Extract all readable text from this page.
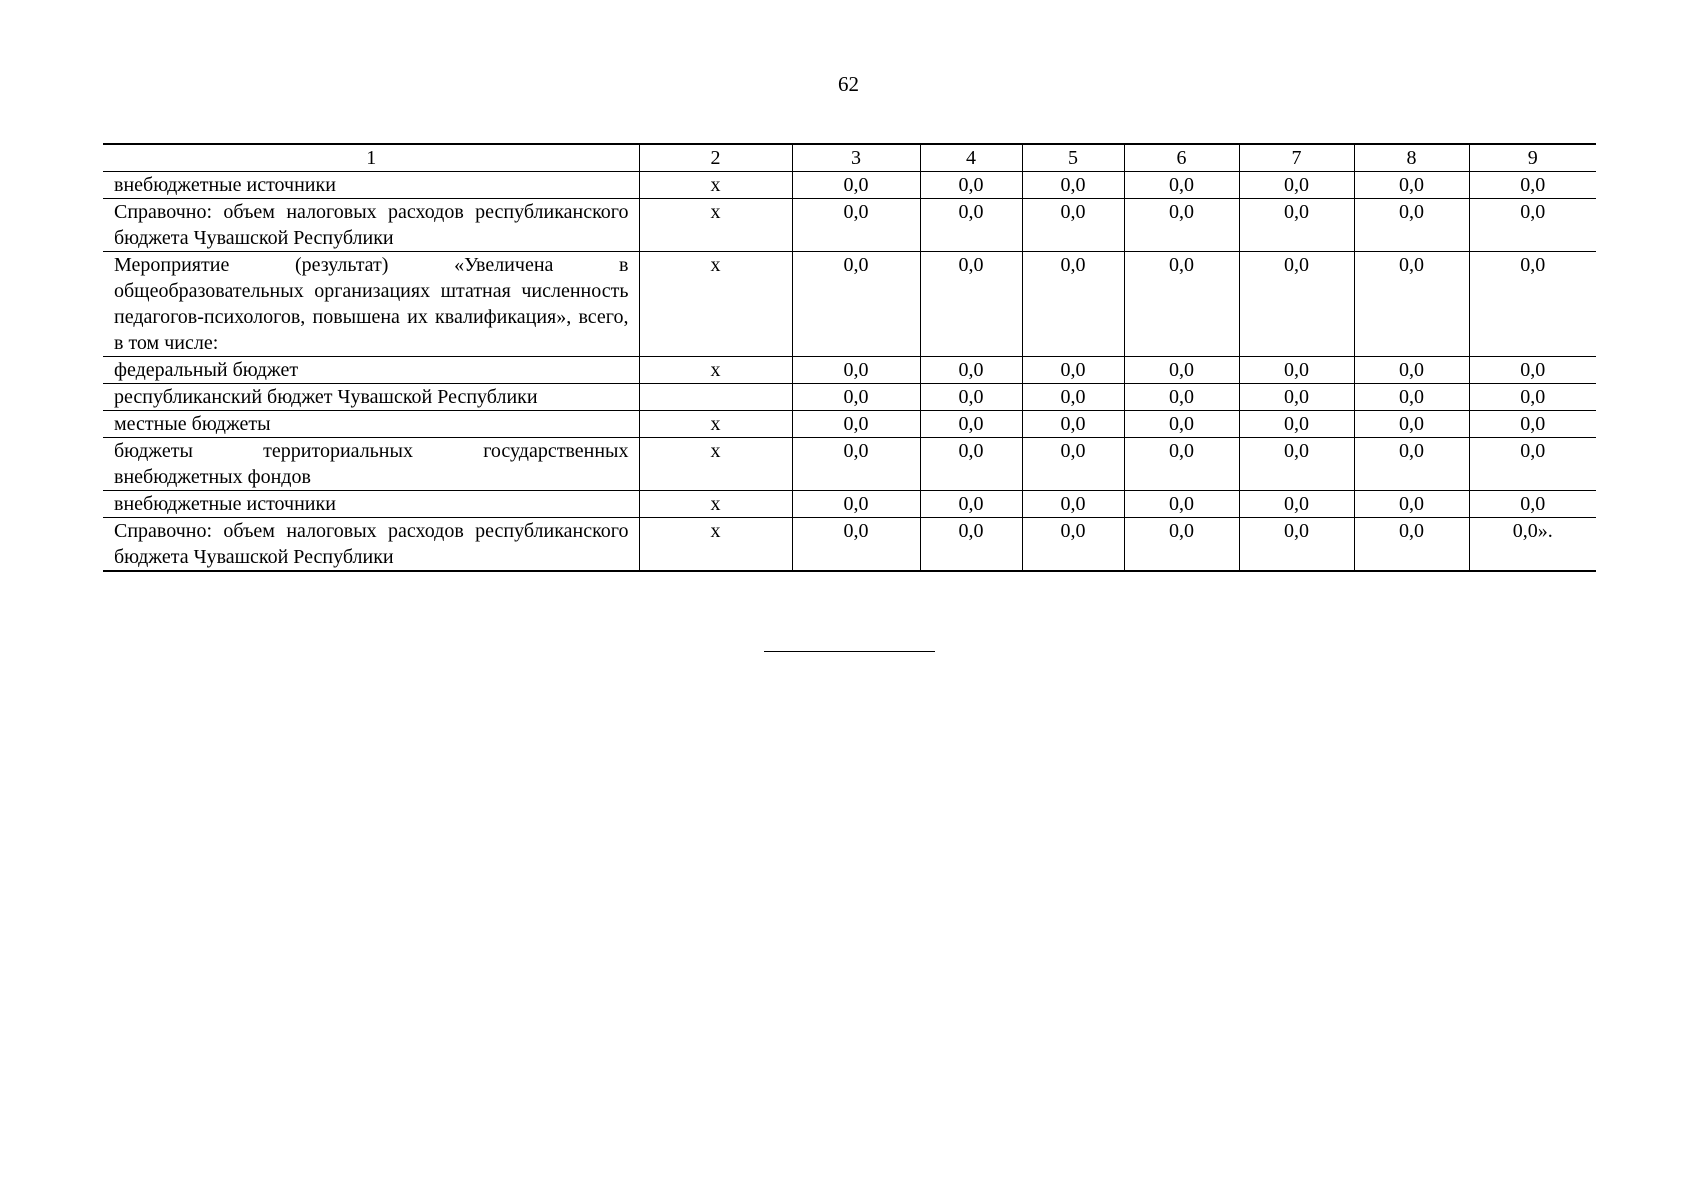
62
1	2	3	4	5	6	7	8	9
внебюджетные источники	x	0,0	0,0	0,0	0,0	0,0	0,0	0,0
Справочно: объем налоговых расходов республиканского бюджета Чувашской Республики	x	0,0	0,0	0,0	0,0	0,0	0,0	0,0
Мероприятие (результат) «Увеличена в общеобразовательных организациях штатная численность педагогов-психологов, повышена их квалификация», всего, в том числе:	x	0,0	0,0	0,0	0,0	0,0	0,0	0,0
федеральный бюджет	x	0,0	0,0	0,0	0,0	0,0	0,0	0,0
республиканский бюджет Чувашской Республики		0,0	0,0	0,0	0,0	0,0	0,0	0,0
местные бюджеты	x	0,0	0,0	0,0	0,0	0,0	0,0	0,0
бюджеты территориальных государственных внебюджетных фондов	x	0,0	0,0	0,0	0,0	0,0	0,0	0,0
внебюджетные источники	x	0,0	0,0	0,0	0,0	0,0	0,0	0,0
Справочно: объем налоговых расходов республиканского бюджета Чувашской Республики	x	0,0	0,0	0,0	0,0	0,0	0,0	0,0».
